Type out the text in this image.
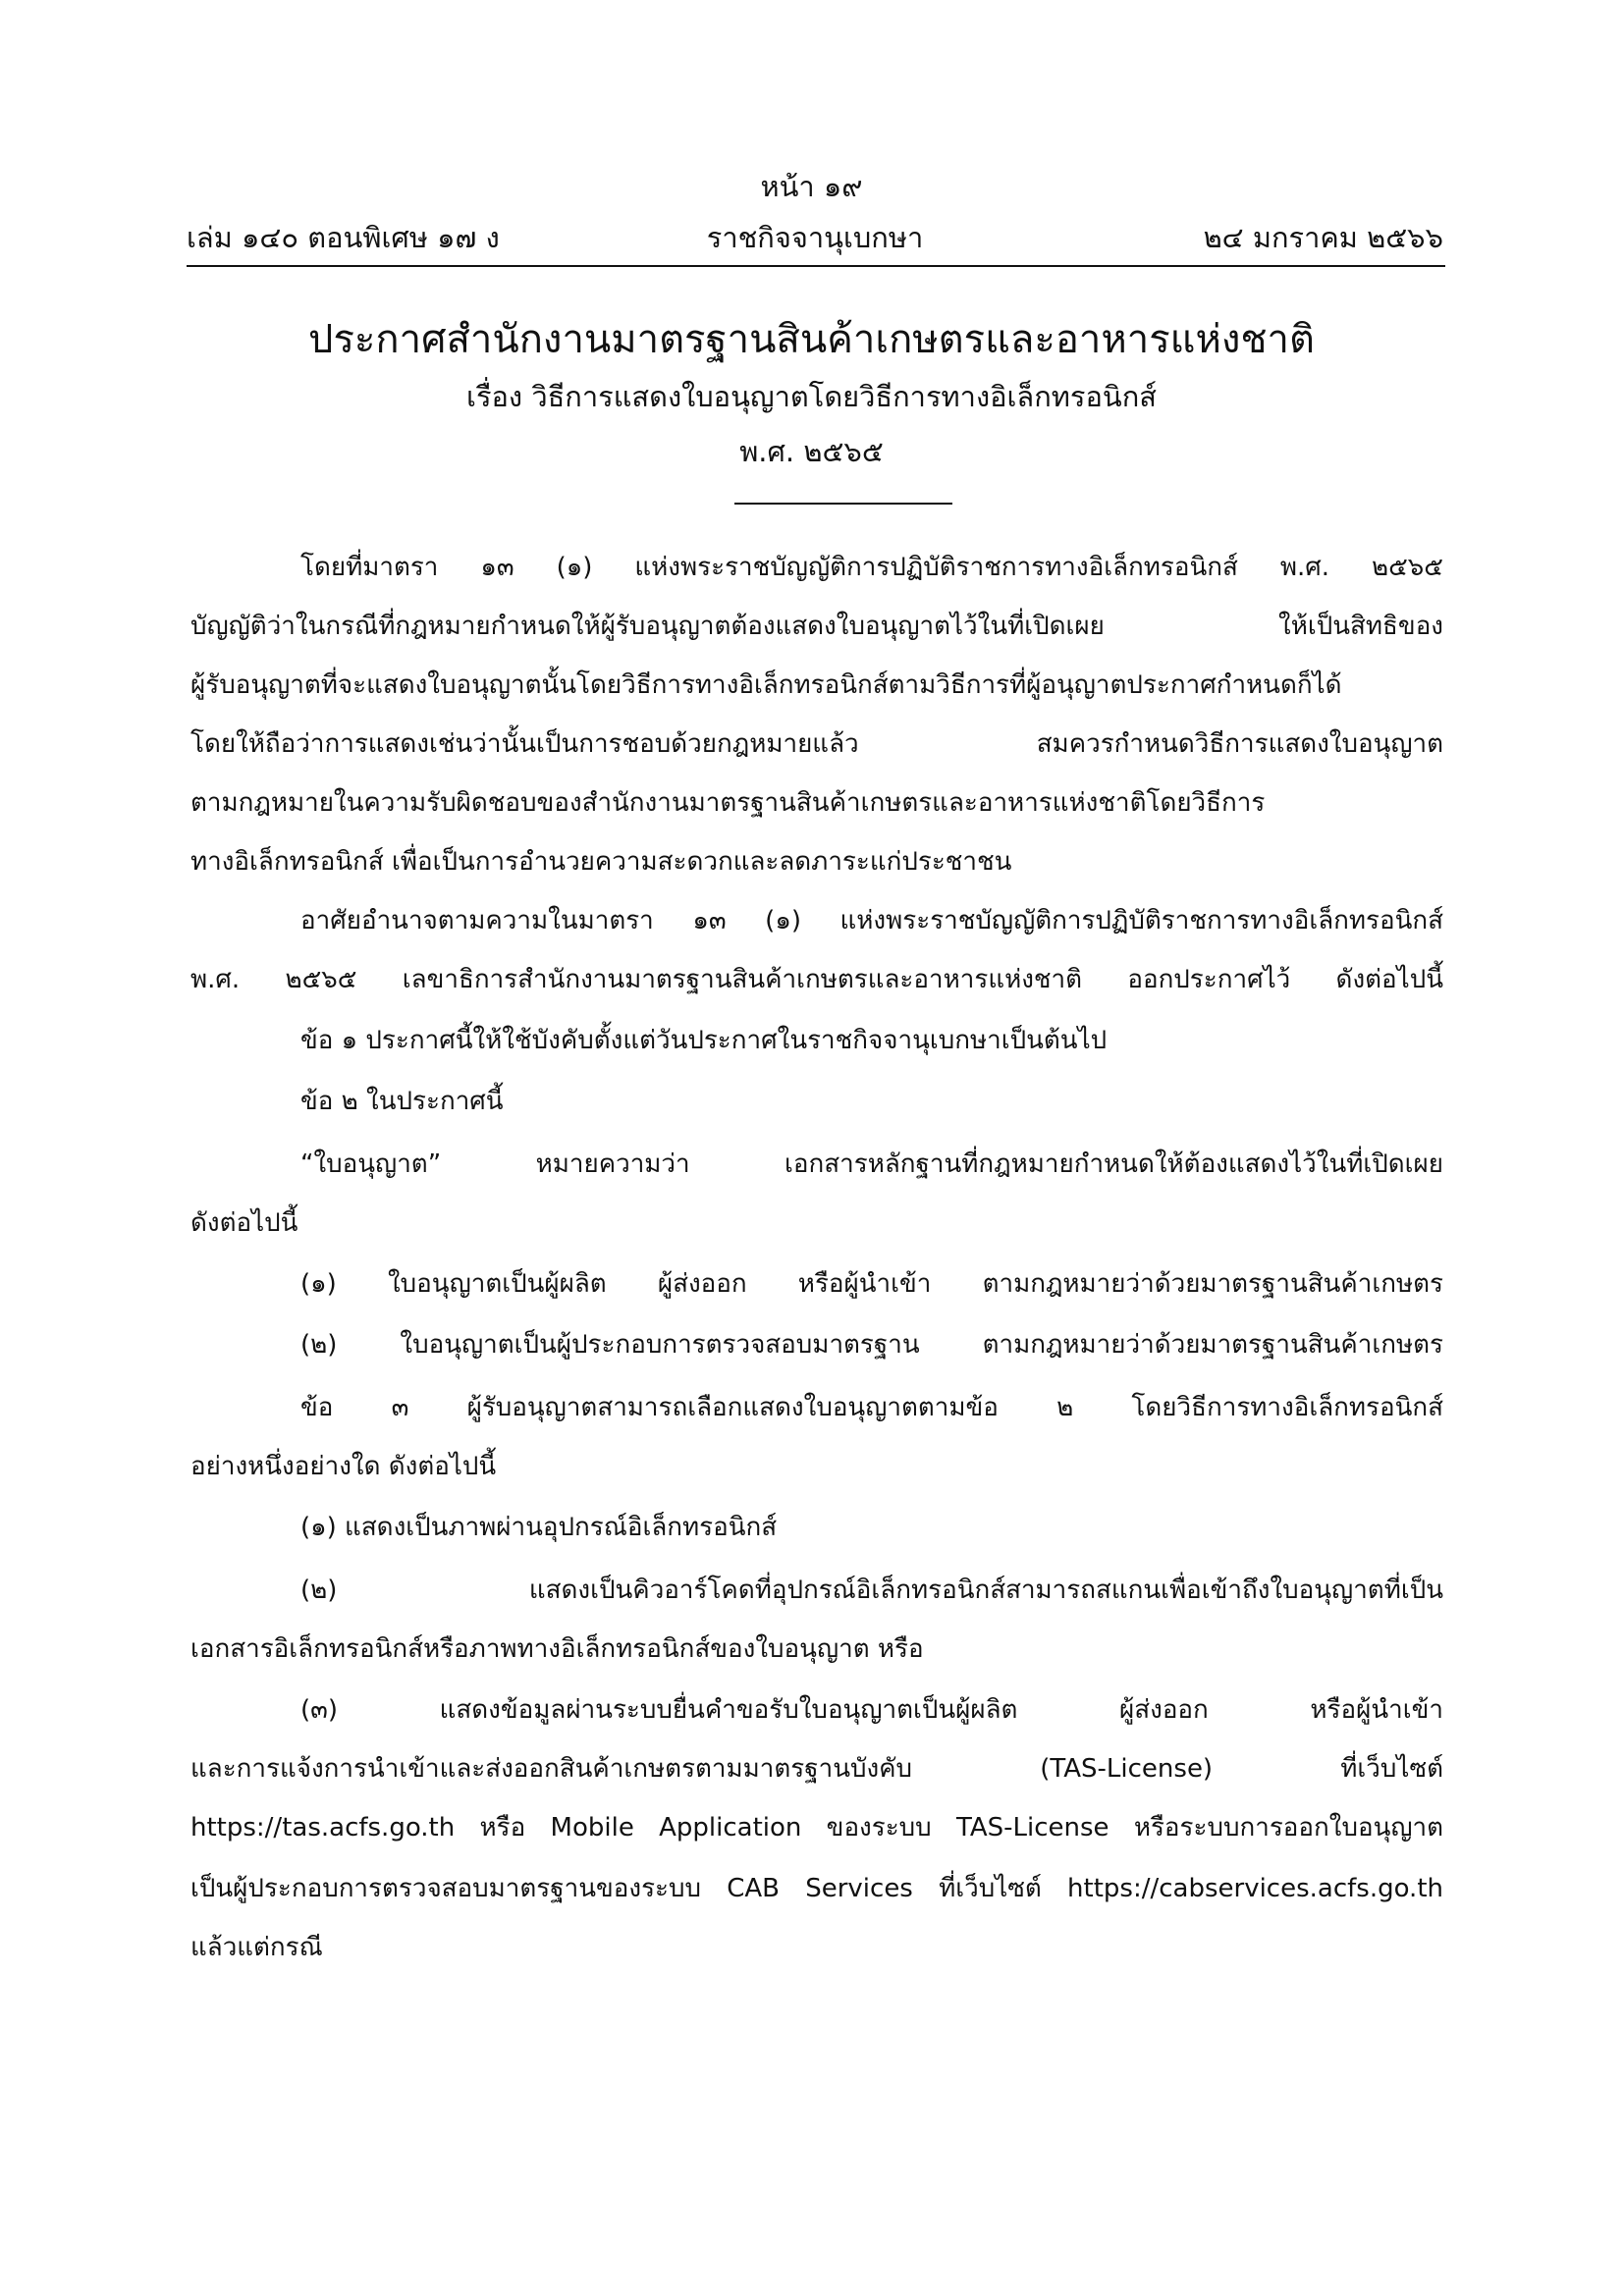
หน้า ๑๙
ราชกิจจานุเบกษา
เล่ม ๑๔๐ ตอนพิเศษ ๑๗ ง	๒๔ มกราคม ๒๕๖๖
ประกาศสำนักงานมาตรฐานสินค้าเกษตรและอาหารแห่งชาติ
เรื่อง วิธีการแสดงใบอนุญาตโดยวิธีการทางอิเล็กทรอนิกส์
พ.ศ. ๒๕๖๕
โดยที่มาตรา ๑๓ (๑) แห่งพระราชบัญญัติการปฏิบัติราชการทางอิเล็กทรอนิกส์ พ.ศ. ๒๕๖๕
บัญญัติว่าในกรณีที่กฎหมายกำหนดให้ผู้รับอนุญาตต้องแสดงใบอนุญาตไว้ในที่เปิดเผย ให้เป็นสิทธิของ
ผู้รับอนุญาตที่จะแสดงใบอนุญาตนั้นโดยวิธีการทางอิเล็กทรอนิกส์ตามวิธีการที่ผู้อนุญาตประกาศกำหนดก็ได้
โดยให้ถือว่าการแสดงเช่นว่านั้นเป็นการชอบด้วยกฎหมายแล้ว สมควรกำหนดวิธีการแสดงใบอนุญาต
ตามกฎหมายในความรับผิดชอบของสำนักงานมาตรฐานสินค้าเกษตรและอาหารแห่งชาติโดยวิธีการ
ทางอิเล็กทรอนิกส์ เพื่อเป็นการอำนวยความสะดวกและลดภาระแก่ประชาชน
อาศัยอำนาจตามความในมาตรา ๑๓ (๑) แห่งพระราชบัญญัติการปฏิบัติราชการทางอิเล็กทรอนิกส์
พ.ศ. ๒๕๖๕ เลขาธิการสำนักงานมาตรฐานสินค้าเกษตรและอาหารแห่งชาติ ออกประกาศไว้ ดังต่อไปนี้
ข้อ ๑ ประกาศนี้ให้ใช้บังคับตั้งแต่วันประกาศในราชกิจจานุเบกษาเป็นต้นไป
ข้อ ๒ ในประกาศนี้
“ใบอนุญาต” หมายความว่า เอกสารหลักฐานที่กฎหมายกำหนดให้ต้องแสดงไว้ในที่เปิดเผย
ดังต่อไปนี้
(๑) ใบอนุญาตเป็นผู้ผลิต ผู้ส่งออก หรือผู้นำเข้า ตามกฎหมายว่าด้วยมาตรฐานสินค้าเกษตร
(๒) ใบอนุญาตเป็นผู้ประกอบการตรวจสอบมาตรฐาน ตามกฎหมายว่าด้วยมาตรฐานสินค้าเกษตร
ข้อ ๓ ผู้รับอนุญาตสามารถเลือกแสดงใบอนุญาตตามข้อ ๒ โดยวิธีการทางอิเล็กทรอนิกส์
อย่างหนึ่งอย่างใด ดังต่อไปนี้
(๑) แสดงเป็นภาพผ่านอุปกรณ์อิเล็กทรอนิกส์
(๒) แสดงเป็นคิวอาร์โคดที่อุปกรณ์อิเล็กทรอนิกส์สามารถสแกนเพื่อเข้าถึงใบอนุญาตที่เป็น
เอกสารอิเล็กทรอนิกส์หรือภาพทางอิเล็กทรอนิกส์ของใบอนุญาต หรือ
(๓) แสดงข้อมูลผ่านระบบยื่นคำขอรับใบอนุญาตเป็นผู้ผลิต ผู้ส่งออก หรือผู้นำเข้า
และการแจ้งการนำเข้าและส่งออกสินค้าเกษตรตามมาตรฐานบังคับ (TAS-License) ที่เว็บไซต์
https://tas.acfs.go.th หรือ Mobile Application ของระบบ TAS-License หรือระบบการออกใบอนุญาต
เป็นผู้ประกอบการตรวจสอบมาตรฐานของระบบ CAB Services ที่เว็บไซต์ https://cabservices.acfs.go.th
แล้วแต่กรณี
